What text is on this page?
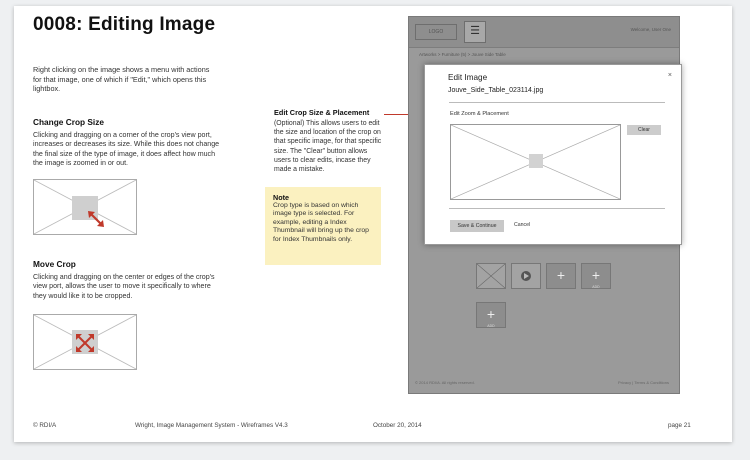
0008: Editing Image
Right clicking on the image shows a menu with actions for that image, one of which if "Edit," which opens this lightbox.
Change Crop Size
Clicking and dragging on a corner of the crop's view port, increases or decreases its size. While this does not change the final size of the type of image, it does affect how much the image is zoomed in or out.
Move Crop
Clicking and dragging on the center or edges of the crop's view port, allows the user to move it specifically to where they would like it to be cropped.
Edit Crop Size & Placement
(Optional) This allows users to edit the size and location of the crop on that specific image, for that specific size. The "Clear" button allows users to clear edits, incase they made a mistake.
Note
Crop type is based on which image type is selected. For example, editing a Index Thumbnail will bring up the crop for Index Thumbnails only.
LOGO	☰	Welcome, User One
Artworks > Furniture (5) > Jouve Side Table
+	+
ADD
+
ADD
© 2014 RDI/A. All rights reserved.	Privacy | Terms & Conditions
Edit Image	×
Jouve_Side_Table_023114.jpg
Edit Zoom & Placement
Clear
Save & Continue	Cancel
© RDI/A	Wright, Image Management System - Wireframes V4.3	October 20, 2014	page 21
